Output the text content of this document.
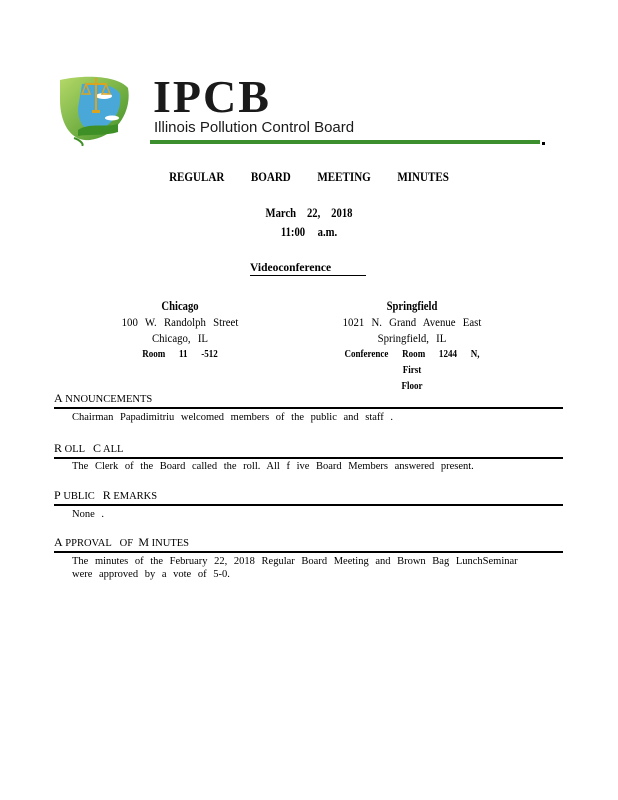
IPCB
Illinois Pollution Control Board
REGULAR BOARD MEETING MINUTES
March 22, 2018
11:00 a.m.
Videoconference
Chicago
100 W. Randolph Street
Chicago, IL
Room 11 -512
Springfield
1021 N. Grand Avenue East
Springfield, IL
Conference Room 1244 N, First
Floor
A NNOUNCEMENTS
Chairman Papadimitriu welcomed members of the public and staff .
R OLL C ALL
The Clerk of the Board called the roll. All f ive Board Members answered present.
P UBLIC R EMARKS
None .
A PPROVAL OF M INUTES
The minutes of the February 22, 2018 Regular Board Meeting and Brown Bag LunchSeminar
were approved by a vote of 5-0.
